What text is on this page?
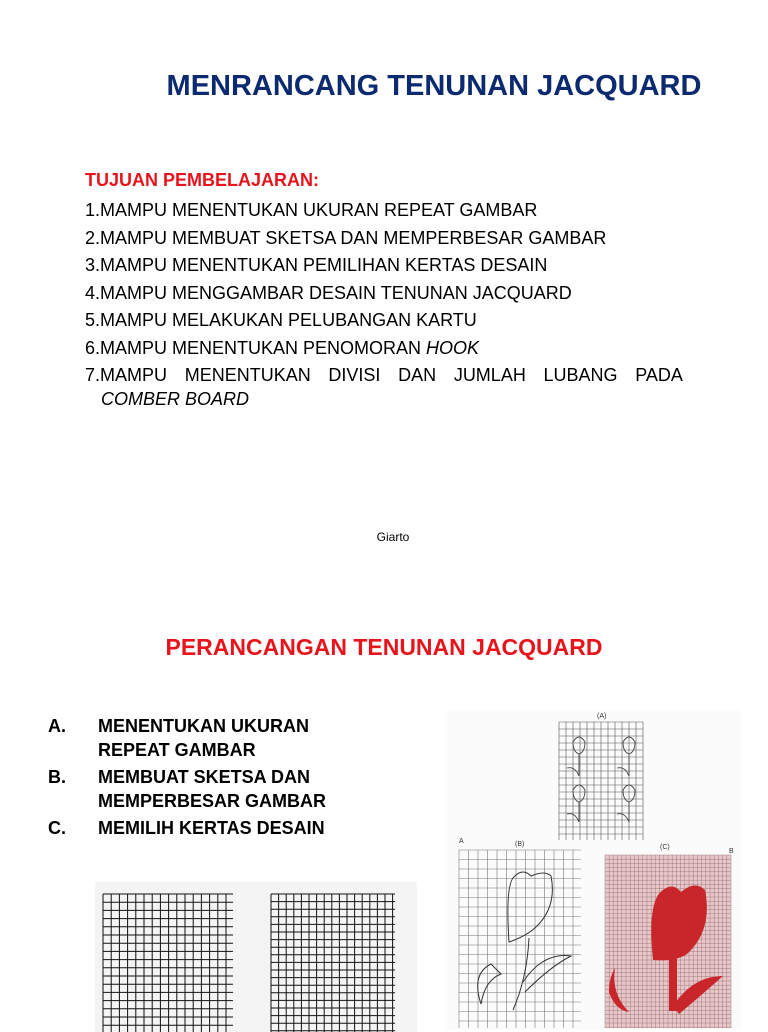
MENRANCANG TENUNAN JACQUARD
TUJUAN PEMBELAJARAN:
1.MAMPU MENENTUKAN UKURAN REPEAT GAMBAR
2.MAMPU MEMBUAT SKETSA DAN MEMPERBESAR GAMBAR
3.MAMPU MENENTUKAN PEMILIHAN KERTAS DESAIN
4.MAMPU MENGGAMBAR DESAIN TENUNAN JACQUARD
5.MAMPU MELAKUKAN PELUBANGAN KARTU
6.MAMPU MENENTUKAN PENOMORAN HOOK
7.MAMPU MENENTUKAN DIVISI DAN JUMLAH LUBANG PADA
COMBER BOARD
Giarto
PERANCANGAN TENUNAN JACQUARD
A.	MENENTUKAN UKURAN
REPEAT GAMBAR
B.	MEMBUAT SKETSA DAN
MEMPERBESAR GAMBAR
C.	MEMILIH KERTAS DESAIN
(A)
A	(B)	(C)
B
